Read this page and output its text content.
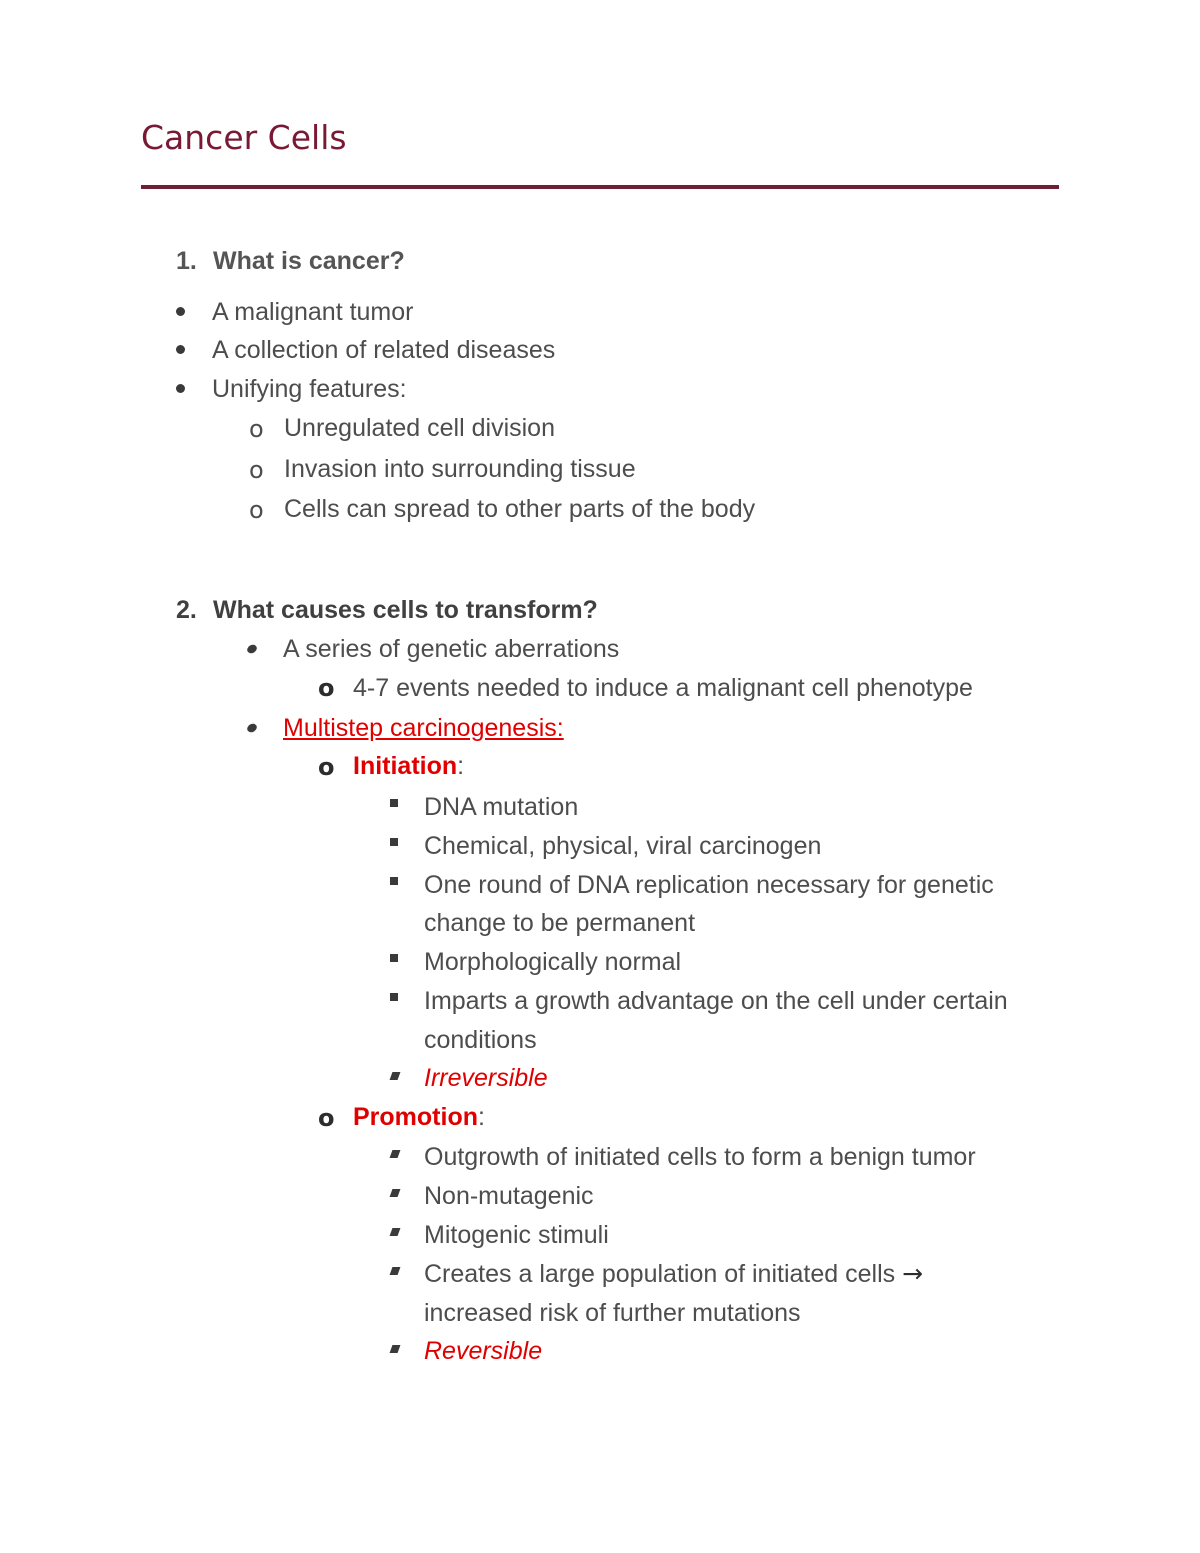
Cancer Cells
1. What is cancer?
A malignant tumor
A collection of related diseases
Unifying features:
o Unregulated cell division
o Invasion into surrounding tissue
o Cells can spread to other parts of the body
2. What causes cells to transform?
A series of genetic aberrations
o 4-7 events needed to induce a malignant cell phenotype
Multistep carcinogenesis:
o Initiation:
DNA mutation
Chemical, physical, viral carcinogen
One round of DNA replication necessary for genetic
change to be permanent
Morphologically normal
Imparts a growth advantage on the cell under certain
conditions
Irreversible
o Promotion:
Outgrowth of initiated cells to form a benign tumor
Non-mutagenic
Mitogenic stimuli
Creates a large population of initiated cells →
increased risk of further mutations
Reversible
